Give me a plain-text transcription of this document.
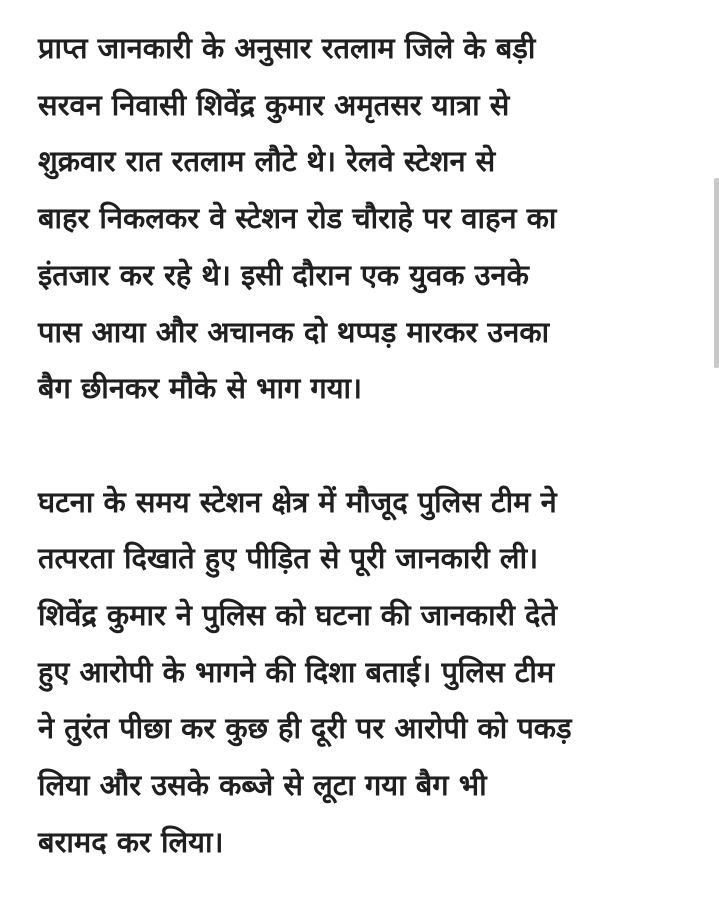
प्राप्त जानकारी के अनुसार रतलाम जिले के बड़ी
सरवन निवासी शिवेंद्र कुमार अमृतसर यात्रा से
शुक्रवार रात रतलाम लौटे थे। रेलवे स्टेशन से
बाहर निकलकर वे स्टेशन रोड चौराहे पर वाहन का
इंतजार कर रहे थे। इसी दौरान एक युवक उनके
पास आया और अचानक दो थप्पड़ मारकर उनका
बैग छीनकर मौके से भाग गया।
घटना के समय स्टेशन क्षेत्र में मौजूद पुलिस टीम ने
तत्परता दिखाते हुए पीड़ित से पूरी जानकारी ली।
शिवेंद्र कुमार ने पुलिस को घटना की जानकारी देते
हुए आरोपी के भागने की दिशा बताई। पुलिस टीम
ने तुरंत पीछा कर कुछ ही दूरी पर आरोपी को पकड़
लिया और उसके कब्जे से लूटा गया बैग भी
बरामद कर लिया।
